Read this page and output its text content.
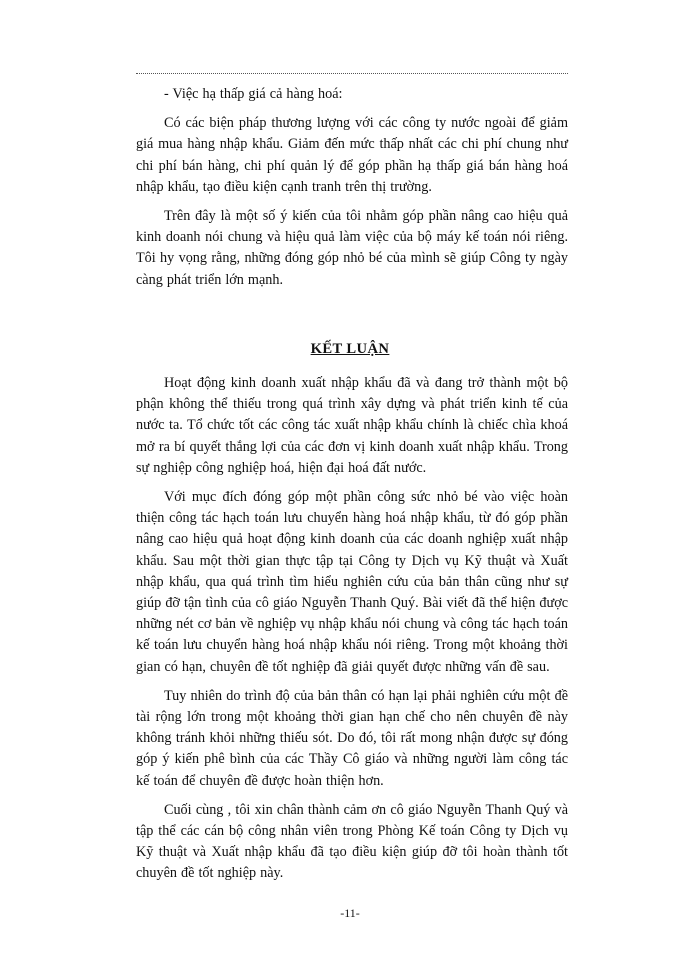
- Việc hạ thấp giá cả hàng hoá:

Có các biện pháp thương lượng với các công ty nước ngoài để giảm giá mua hàng nhập khẩu. Giảm đến mức thấp nhất các chi phí chung như chi phí bán hàng, chi phí quản lý để góp phần hạ thấp giá bán hàng hoá nhập khẩu, tạo điều kiện cạnh tranh trên thị trường.

Trên đây là một số ý kiến của tôi nhằm góp phần nâng cao hiệu quả kinh doanh nói chung và hiệu quả làm việc của bộ máy kế toán nói riêng. Tôi hy vọng rằng, những đóng góp nhỏ bé của mình sẽ giúp Công ty ngày càng phát triển lớn mạnh.

KẾT LUẬN

Hoạt động kinh doanh xuất nhập khẩu đã và đang trở thành một bộ phận không thể thiếu trong quá trình xây dựng và phát triển kinh tế của nước ta. Tổ chức tốt các công tác xuất nhập khẩu chính là chiếc chìa khoá mở ra bí quyết thắng lợi của các đơn vị kinh doanh xuất nhập khẩu. Trong sự nghiệp công nghiệp hoá, hiện đại hoá đất nước.

Với mục đích đóng góp một phần công sức nhỏ bé vào việc hoàn thiện công tác hạch toán lưu chuyển hàng hoá nhập khẩu, từ đó góp phần nâng cao hiệu quả hoạt động kinh doanh của các doanh nghiệp xuất nhập khẩu. Sau một thời gian thực tập tại Công ty Dịch vụ Kỹ thuật và Xuất nhập khẩu, qua quá trình tìm hiểu nghiên cứu của bản thân cũng như sự giúp đỡ tận tình của cô giáo Nguyễn Thanh Quý. Bài viết đã thể hiện được những nét cơ bản về nghiệp vụ nhập khẩu nói chung và công tác hạch toán kế toán lưu chuyển hàng hoá nhập khẩu nói riêng. Trong một khoảng thời gian có hạn, chuyên đề tốt nghiệp đã giải quyết được những vấn đề sau.

Tuy nhiên do trình độ của bản thân có hạn lại phải nghiên cứu một đề tài rộng lớn trong một khoảng thời gian hạn chế cho nên chuyên đề này không tránh khỏi những thiếu sót. Do đó, tôi rất mong nhận được sự đóng góp ý kiến phê bình của các Thầy Cô giáo và những người làm công tác kế toán để chuyên đề được hoàn thiện hơn.

Cuối cùng , tôi xin chân thành cảm ơn cô giáo Nguyễn Thanh Quý và tập thể các cán bộ công nhân viên trong Phòng Kế toán Công ty Dịch vụ Kỹ thuật và Xuất nhập khẩu đã tạo điều kiện giúp đỡ tôi hoàn thành tốt chuyên đề tốt nghiệp này.

-11-
